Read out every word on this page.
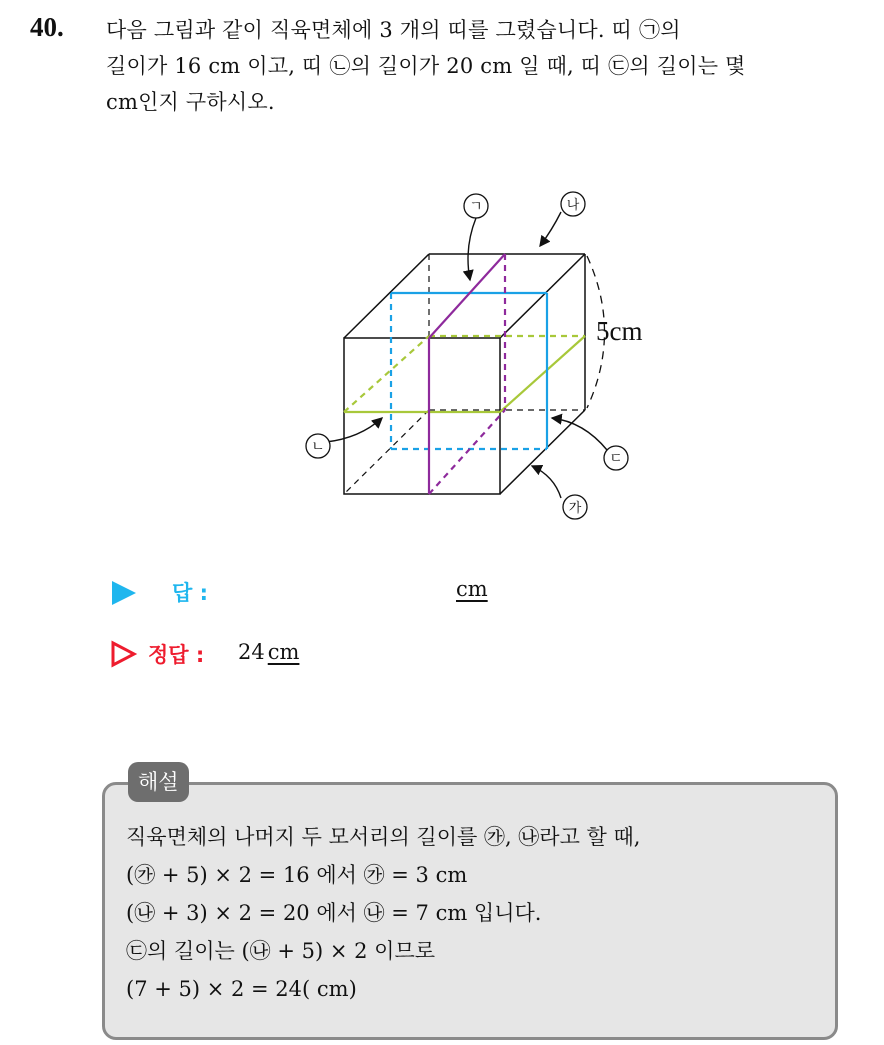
40. 다음 그림과 같이 직육면체에 3 개의 띠를 그렸습니다. 띠 ㉠의
길이가 16 cm 이고, 띠 ㉡의 길이가 20 cm 일 때, 띠 ㉢의 길이는 몇
cm인지 구하시오.
5cm
ㄱ	나
ㄴ
ㄷ
가
답 :	cm
정답 : 24 cm
해설
직육면체의 나머지 두 모서리의 길이를 ㉮, ㉯라고 할 때,
(㉮ + 5) × 2 = 16 에서 ㉮ = 3 cm
(㉯ + 3) × 2 = 20 에서 ㉯ = 7 cm 입니다.
㉢의 길이는 (㉯ + 5) × 2 이므로
(7 + 5) × 2 = 24( cm)
